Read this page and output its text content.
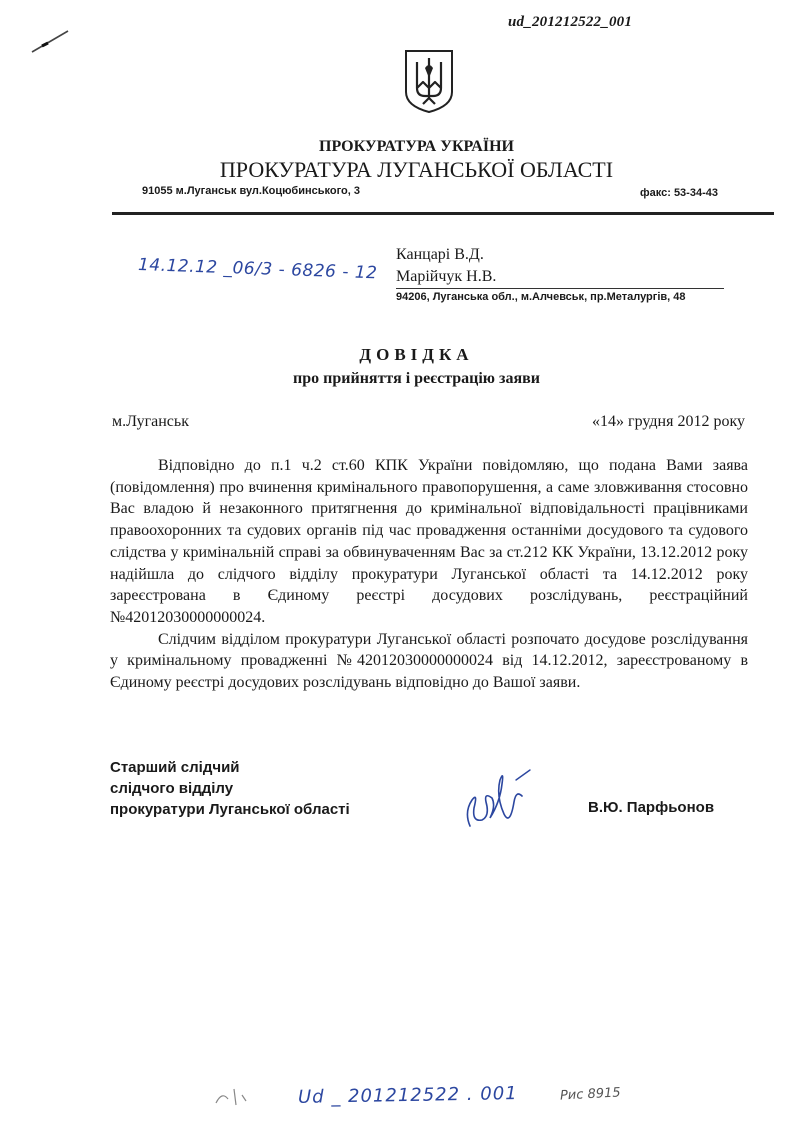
ud_201212522_001
ПРОКУРАТУРА УКРАЇНИ
ПРОКУРАТУРА ЛУГАНСЬКОЇ ОБЛАСТІ
91055 м.Луганськ вул.Коцюбинського, 3	факс: 53-34-43
14.12.12 _06/3 - 6826 - 12
Канцарі В.Д.
Марійчук Н.В.
94206, Луганська обл., м.Алчевськ, пр.Металургів, 48
ДОВІДКА
про прийняття і реєстрацію заяви
м.Луганськ	«14» грудня 2012 року

Відповідно до п.1 ч.2 ст.60 КПК України повідомляю, що подана Вами заява (повідомлення) про вчинення кримінального правопорушення, а саме зловживання стосовно Вас владою й незаконного притягнення до кримінальної відповідальності працівниками правоохоронних та судових органів під час провадження останніми досудового та судового слідства у кримінальній справі за обвинуваченням Вас за ст.212 КК України, 13.12.2012 року надійшла до слідчого відділу прокуратури Луганської області та 14.12.2012 року зареєстрована в Єдиному реєстрі досудових розслідувань, реєстраційний №42012030000000024.

Слідчим відділом прокуратури Луганської області розпочато досудове розслідування у кримінальному провадженні №42012030000000024 від 14.12.2012, зареєстрованому в Єдиному реєстрі досудових розслідувань відповідно до Вашої заяви.

Старший слідчий
слідчого відділу
прокуратури Луганської області	В.Ю. Парфьонов
Ud _ 201212522 . 001	Рис 8915
